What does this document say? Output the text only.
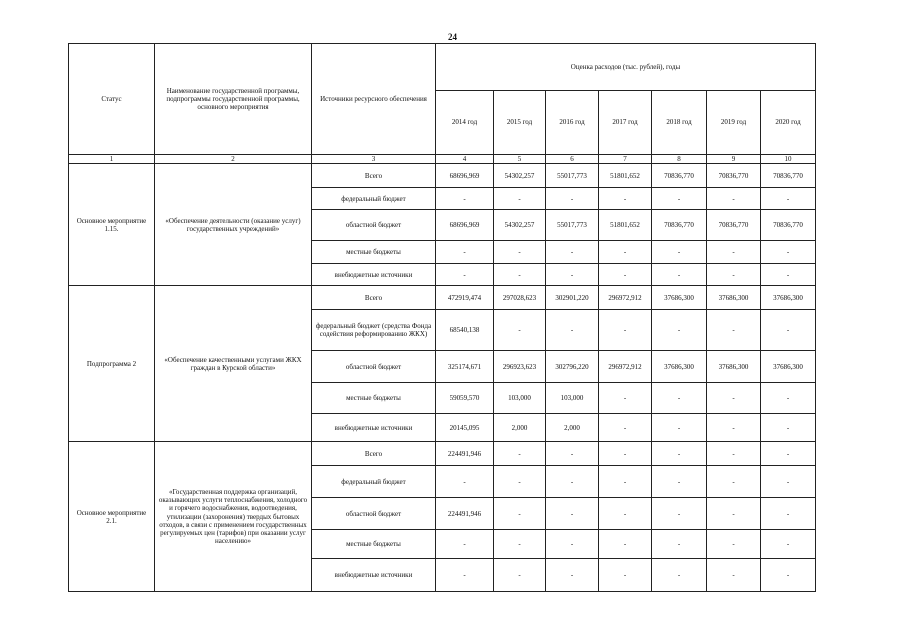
24
Статус	Наименование государственной программы, подпрограммы государственной программы, основного мероприятия	Источники ресурсного обеспечения	Оценка расходов (тыс. рублей), годы						
			2014 год	2015 год	2016 год	2017 год	2018 год	2019 год	2020 год
1	2	3	4	5	6	7	8	9	10
Основное мероприятие 1.15.	«Обеспечение деятельности (оказание услуг) государственных учреждений»	Всего	68696,969	54302,257	55017,773	51801,652	70836,770	70836,770	70836,770
		федеральный бюджет	-	-	-	-	-	-	-
		областной бюджет	68696,969	54302,257	55017,773	51801,652	70836,770	70836,770	70836,770
		местные бюджеты	-	-	-	-	-	-	-
		внебюджетные источники	-	-	-	-	-	-	-
Подпрограмма 2	«Обеспечение качественными услугами ЖКХ граждан в Курской области»	Всего	472919,474	297028,623	302901,220	296972,912	37686,300	37686,300	37686,300
		федеральный бюджет (средства Фонда содействия реформированию ЖКХ)	68540,138	-	-	-	-	-	-
		областной бюджет	325174,671	296923,623	302796,220	296972,912	37686,300	37686,300	37686,300
		местные бюджеты	59059,570	103,000	103,000	-	-	-	-
		внебюджетные источники	20145,095	2,000	2,000	-	-	-	-
Основное мероприятие 2.1.	«Государственная поддержка организаций, оказывающих услуги теплоснабжения, холодного и горячего водоснабжения, водоотведения, утилизации (захоронения) твердых бытовых отходов, в связи с применением государственных регулируемых цен (тарифов) при оказании услуг населению»	Всего	224491,946	-	-	-	-	-	-
		федеральный бюджет	-	-	-	-	-	-	-
		областной бюджет	224491,946	-	-	-	-	-	-
		местные бюджеты	-	-	-	-	-	-	-
		внебюджетные источники	-	-	-	-	-	-	-
